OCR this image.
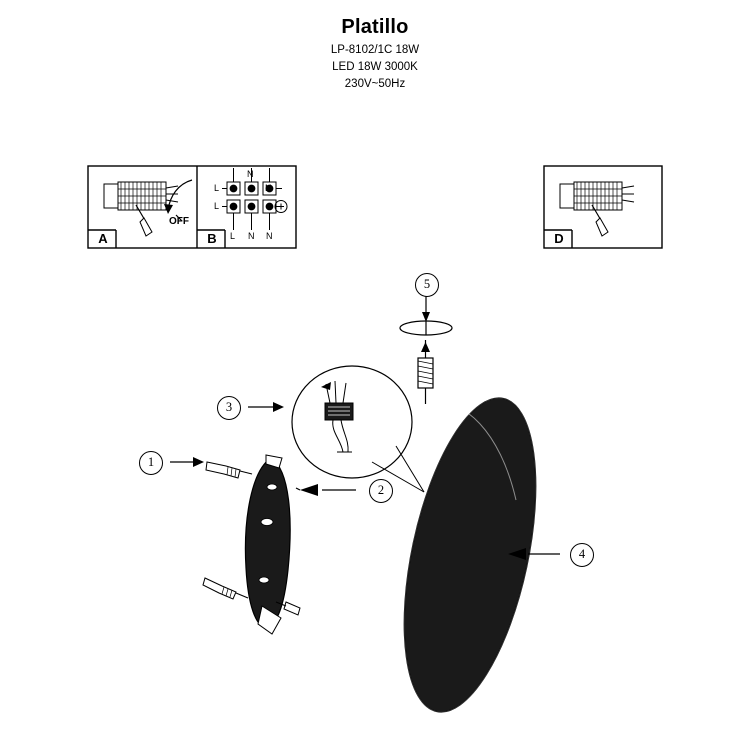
Platillo
LP-8102/1C 18W
LED 18W 3000K
230V~50Hz
A	B	D
OFF
L
N
N
L
L N N
1
2
3
4
5
